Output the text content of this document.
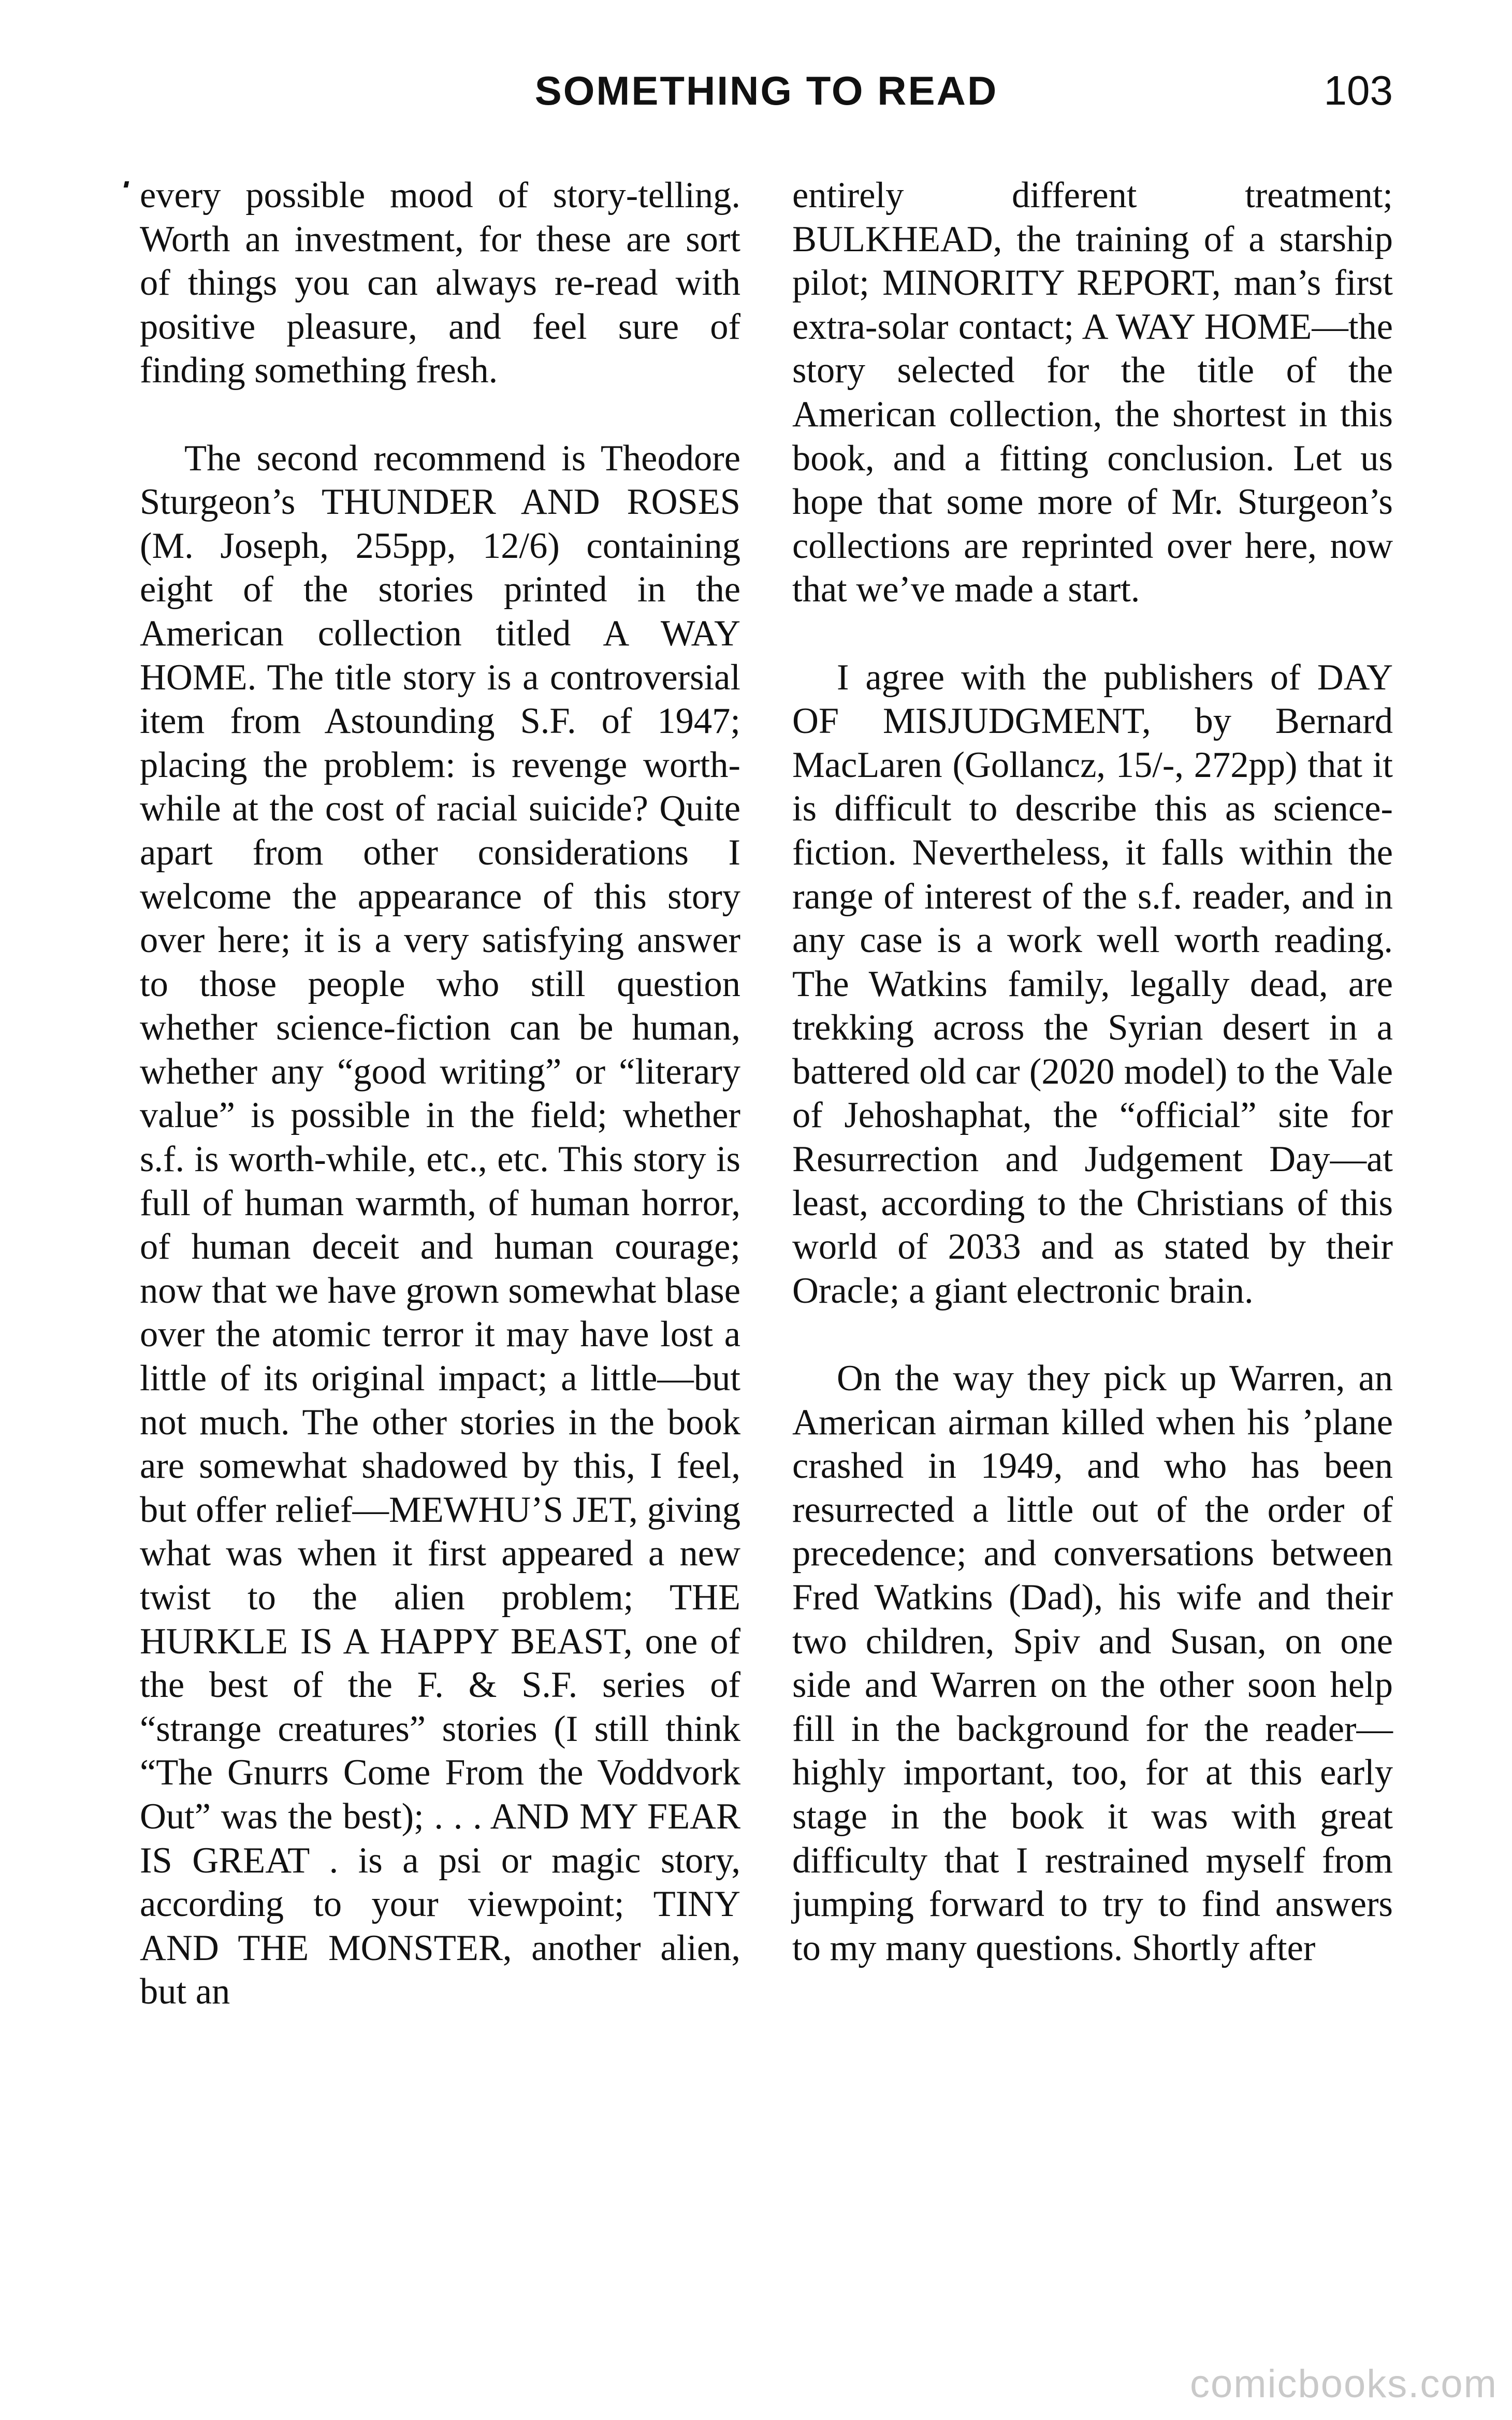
SOMETHING TO READ	103

every possible mood of story-telling. Worth an investment, for these are sort of things you can always re-read with positive pleasure, and feel sure of finding something fresh.

The second recommend is Theodore Sturgeon’s THUNDER AND ROSES (M. Joseph, 255pp, 12/6) containing eight of the stories printed in the American collection titled A WAY HOME. The title story is a controversial item from Astounding S.F. of 1947; placing the problem: is revenge worth-while at the cost of racial suicide? Quite apart from other considerations I welcome the appearance of this story over here; it is a very satisfying answer to those people who still question whether science-fiction can be human, whether any “good writing” or “literary value” is possible in the field; whether s.f. is worth-while, etc., etc. This story is full of human warmth, of human horror, of human deceit and human courage; now that we have grown somewhat blase over the atomic terror it may have lost a little of its original impact; a little—but not much. The other stories in the book are somewhat shadowed by this, I feel, but offer relief—MEWHU’S JET, giving what was when it first appeared a new twist to the alien problem; THE HURKLE IS A HAPPY BEAST, one of the best of the F. & S.F. series of “strange creatures” stories (I still think “The Gnurrs Come From the Voddvork Out” was the best); . . . AND MY FEAR IS GREAT . is a psi or magic story, according to your viewpoint; TINY AND THE MONSTER, another alien, but an

entirely different treatment; BULKHEAD, the training of a starship pilot; MINORITY REPORT, man’s first extra-solar contact; A WAY HOME—the story selected for the title of the American collection, the shortest in this book, and a fitting conclusion. Let us hope that some more of Mr. Sturgeon’s collections are reprinted over here, now that we’ve made a start.

I agree with the publishers of DAY OF MISJUDGMENT, by Bernard MacLaren (Gollancz, 15/-, 272pp) that it is difficult to describe this as science-fiction. Nevertheless, it falls within the range of interest of the s.f. reader, and in any case is a work well worth reading. The Watkins family, legally dead, are trekking across the Syrian desert in a battered old car (2020 model) to the Vale of Jehoshaphat, the “official” site for Resurrection and Judgement Day—at least, according to the Christians of this world of 2033 and as stated by their Oracle; a giant electronic brain.

On the way they pick up Warren, an American airman killed when his ’plane crashed in 1949, and who has been resurrected a little out of the order of precedence; and conversations between Fred Watkins (Dad), his wife and their two children, Spiv and Susan, on one side and Warren on the other soon help fill in the background for the reader—highly important, too, for at this early stage in the book it was with great difficulty that I restrained myself from jumping forward to try to find answers to my many questions. Shortly after

comicbooks.com
